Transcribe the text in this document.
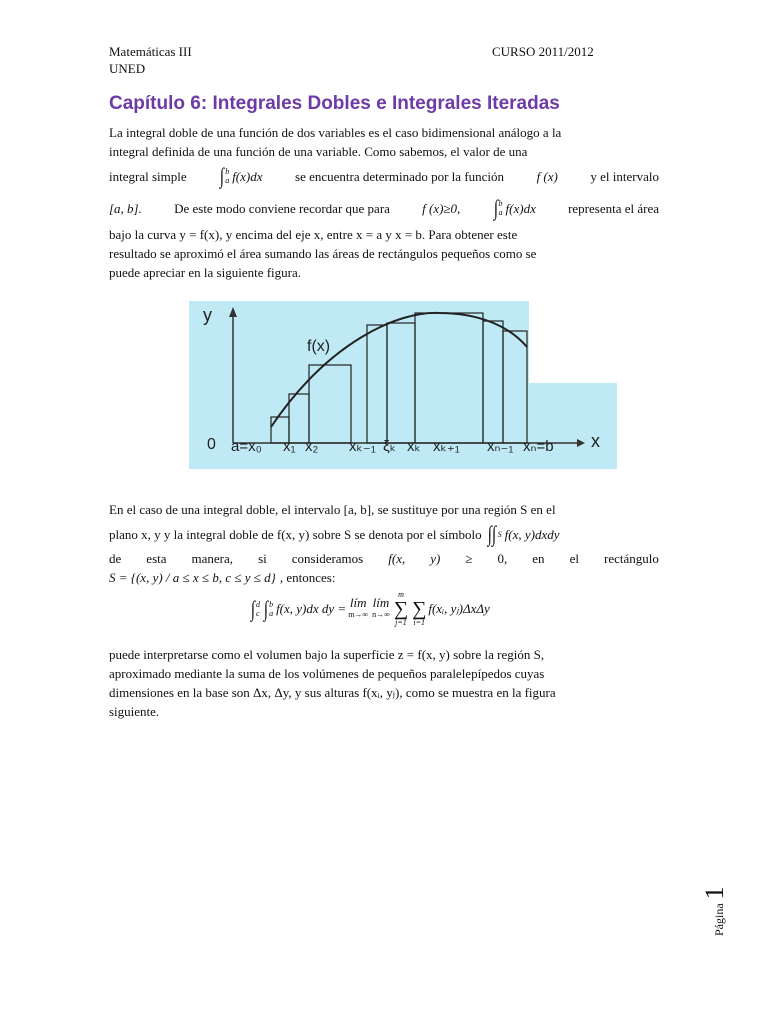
Matemáticas III	CURSO 2011/2012
UNED
Capítulo 6: Integrales Dobles e Integrales Iteradas
La integral doble de una función de dos variables es el caso bidimensional análogo a la
integral definida de una función de una variable. Como sabemos, el valor de una
integral simple ∫ b
a f(x)dx	se encuentra determinado por la función	f (x)	y el intervalo
[a, b]. De este modo conviene recordar que para f (x)≥0, ∫ b
a f(x)dx representa el área
bajo la curva y = f(x), y encima del eje x, entre x = a y x = b. Para obtener este
resultado se aproximó el área sumando las áreas de rectángulos pequeños como se
puede apreciar en la siguiente figura.
y
x
f(x)
0 a=x₀ x₁ x₂ xₖ₋₁ ξₖ xₖ xₖ₊₁ xₙ₋₁ xₙ=b
En el caso de una integral doble, el intervalo [a, b], se sustituye por una región S en el
plano x, y y la integral doble de f(x, y) sobre S se denota por el símbolo ∫∫ S f(x, y)dxdy
de esta manera, si consideramos f(x, y) ≥ 0, en el rectángulo
S = {(x, y) / a ≤ x ≤ b, c ≤ y ≤ d} , entonces:
∫ d
c ∫ b
a f(x, y)dx dy = lím
m→∞
lím
n→∞
m
∑
j=1

∑
i=1
f(xᵢ, yⱼ)ΔxΔy
puede interpretarse como el volumen bajo la superficie z = f(x, y) sobre la región S,
aproximado mediante la suma de los volúmenes de pequeños paralelepípedos cuyas
dimensiones en la base son Δx, Δy, y sus alturas f(xᵢ, yⱼ), como se muestra en la figura
siguiente.
Página
1
